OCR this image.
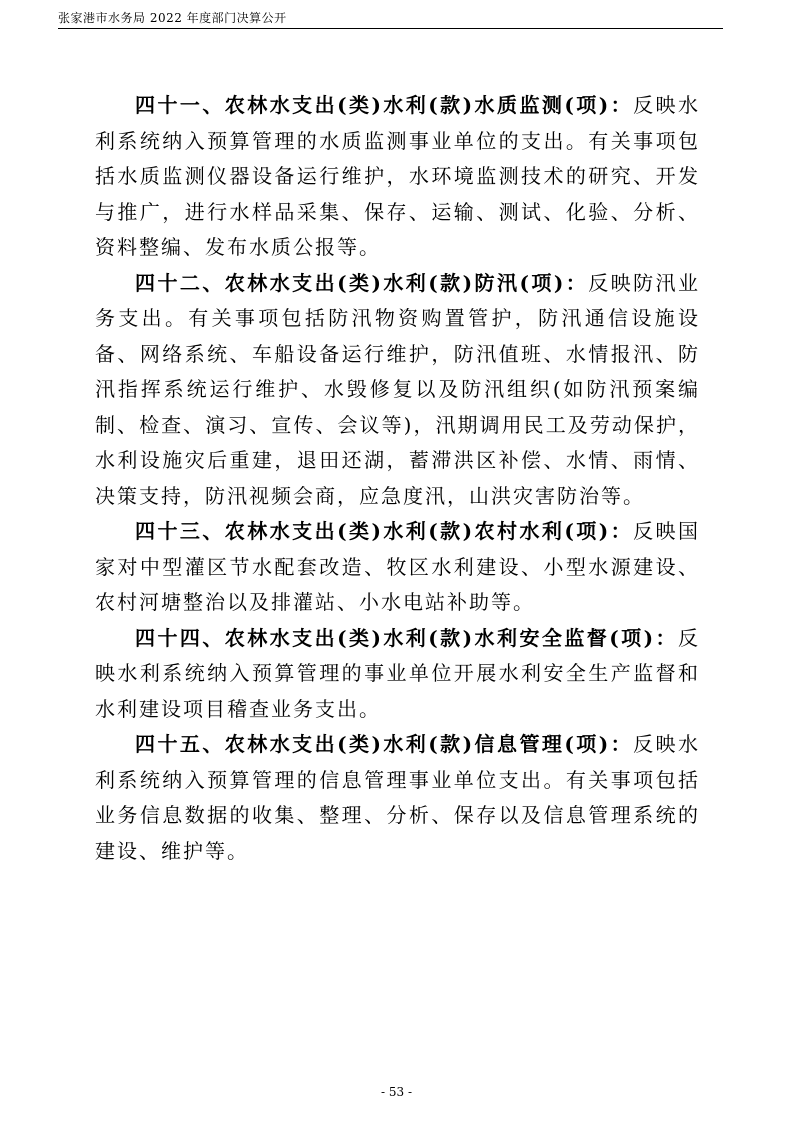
张家港市水务局 2022 年度部门决算公开

四十一、农林水支出(类)水利(款)水质监测(项)：反映水利系统纳入预算管理的水质监测事业单位的支出。有关事项包括水质监测仪器设备运行维护，水环境监测技术的研究、开发与推广，进行水样品采集、保存、运输、测试、化验、分析、资料整编、发布水质公报等。

四十二、农林水支出(类)水利(款)防汛(项)：反映防汛业务支出。有关事项包括防汛物资购置管护，防汛通信设施设备、网络系统、车船设备运行维护，防汛值班、水情报汛、防汛指挥系统运行维护、水毁修复以及防汛组织(如防汛预案编制、检查、演习、宣传、会议等)，汛期调用民工及劳动保护，水利设施灾后重建，退田还湖，蓄滞洪区补偿、水情、雨情、决策支持，防汛视频会商，应急度汛，山洪灾害防治等。

四十三、农林水支出(类)水利(款)农村水利(项)：反映国家对中型灌区节水配套改造、牧区水利建设、小型水源建设、农村河塘整治以及排灌站、小水电站补助等。

四十四、农林水支出(类)水利(款)水利安全监督(项)：反映水利系统纳入预算管理的事业单位开展水利安全生产监督和水利建设项目稽查业务支出。

四十五、农林水支出(类)水利(款)信息管理(项)：反映水利系统纳入预算管理的信息管理事业单位支出。有关事项包括业务信息数据的收集、整理、分析、保存以及信息管理系统的建设、维护等。

- 53 -
